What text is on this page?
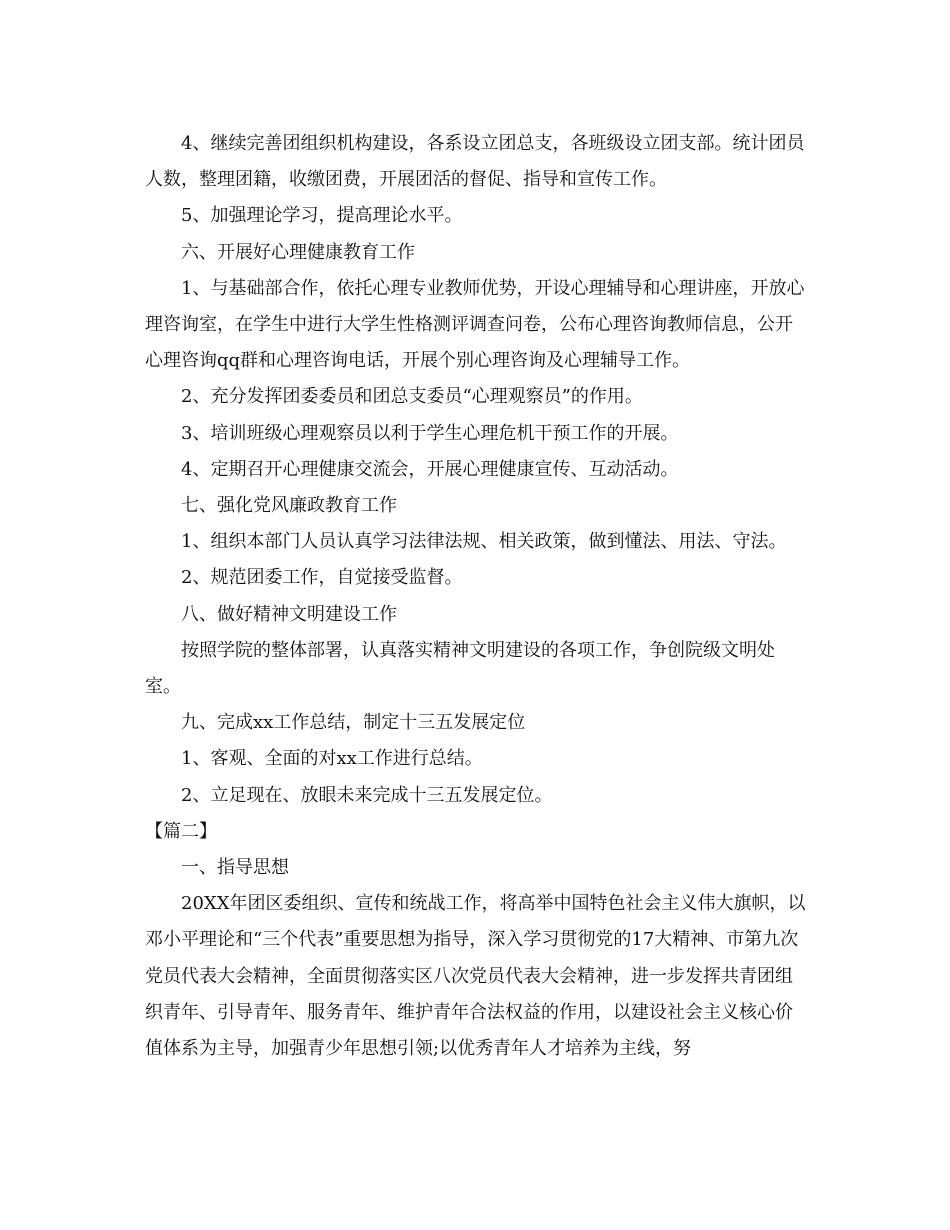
4、继续完善团组织机构建设，各系设立团总支，各班级设立团支部。统计团员人数，整理团籍，收缴团费，开展团活的督促、指导和宣传工作。

5、加强理论学习，提高理论水平。

六、开展好心理健康教育工作

1、与基础部合作，依托心理专业教师优势，开设心理辅导和心理讲座，开放心理咨询室，在学生中进行大学生性格测评调查问卷，公布心理咨询教师信息，公开心理咨询qq群和心理咨询电话，开展个别心理咨询及心理辅导工作。

2、充分发挥团委委员和团总支委员“心理观察员”的作用。

3、培训班级心理观察员以利于学生心理危机干预工作的开展。

4、定期召开心理健康交流会，开展心理健康宣传、互动活动。

七、强化党风廉政教育工作

1、组织本部门人员认真学习法律法规、相关政策，做到懂法、用法、守法。

2、规范团委工作，自觉接受监督。

八、做好精神文明建设工作

按照学院的整体部署，认真落实精神文明建设的各项工作，争创院级文明处室。

九、完成xx工作总结，制定十三五发展定位

1、客观、全面的对xx工作进行总结。

2、立足现在、放眼未来完成十三五发展定位。

【篇二】

一、指导思想

20XX年团区委组织、宣传和统战工作，将高举中国特色社会主义伟大旗帜，以邓小平理论和“三个代表”重要思想为指导，深入学习贯彻党的17大精神、市第九次党员代表大会精神，全面贯彻落实区八次党员代表大会精神，进一步发挥共青团组织青年、引导青年、服务青年、维护青年合法权益的作用，以建设社会主义核心价值体系为主导，加强青少年思想引领;以优秀青年人才培养为主线，努
